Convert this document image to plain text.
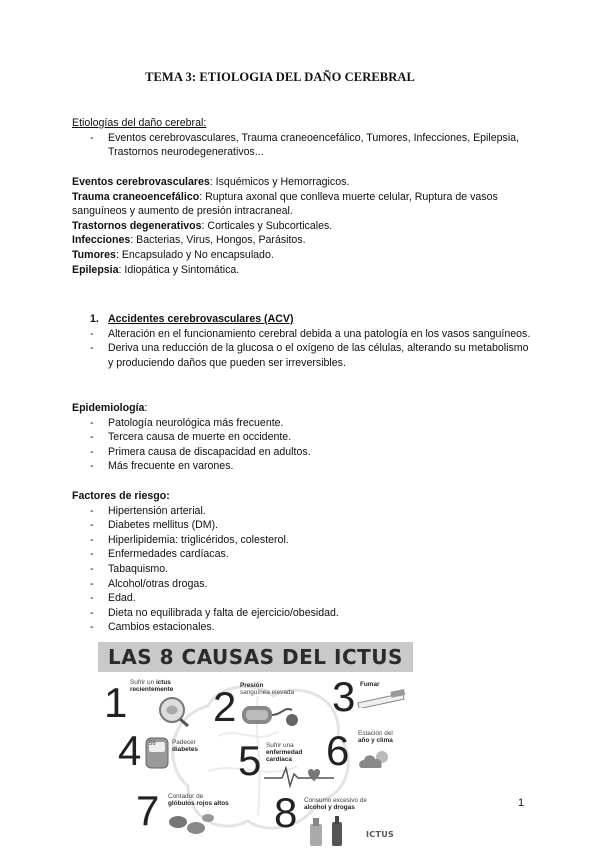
TEMA 3: ETIOLOGIA DEL DAÑO CEREBRAL
Etiologías del daño cerebral:
- Eventos cerebrovasculares, Trauma craneoencefálico, Tumores, Infecciones, Epilepsia, Trastornos neurodegenerativos...
Eventos cerebrovasculares: Isquémicos y Hemorragicos.
Trauma craneoencefálico: Ruptura axonal que conlleva muerte celular, Ruptura de vasos sanguíneos y aumento de presión intracraneal.
Trastornos degenerativos: Corticales y Subcorticales.
Infecciones: Bacterias, Virus, Hongos, Parásitos.
Tumores: Encapsulado y No encapsulado.
Epilepsia: Idiopática y Sintomática.
1. Accidentes cerebrovasculares (ACV)
- Alteración en el funcionamiento cerebral debida a una patología en los vasos sanguíneos.
- Deriva una reducción de la glucosa o el oxígeno de las células, alterando su metabolismo y produciendo daños que pueden ser irreversibles.
Epidemiología:
- Patología neurológica más frecuente.
- Tercera causa de muerte en occidente.
- Primera causa de discapacidad en adultos.
- Más frecuente en varones.
Factores de riesgo:
- Hipertensión arterial.
- Diabetes mellitus (DM).
- Hiperlipidemia: triglicéridos, colesterol.
- Enfermedades cardíacas.
- Tabaquismo.
- Alcohol/otras drogas.
- Edad.
- Dieta no equilibrada y falta de ejercicio/obesidad.
- Cambios estacionales.
LAS 8 CAUSAS DEL ICTUS
1 Sufrir un ictus recientemente 2 Presión
sanguínea elevada 3 Fumar
4	Padecer
diabetes
56 5 Sufrir una
enfermedad cardíaca 6 Estación del
año y clima
7 Contador de
glóbulos rojos altos	8 Consumo excesivo de
alcohol y drogas
ICTUS
1
